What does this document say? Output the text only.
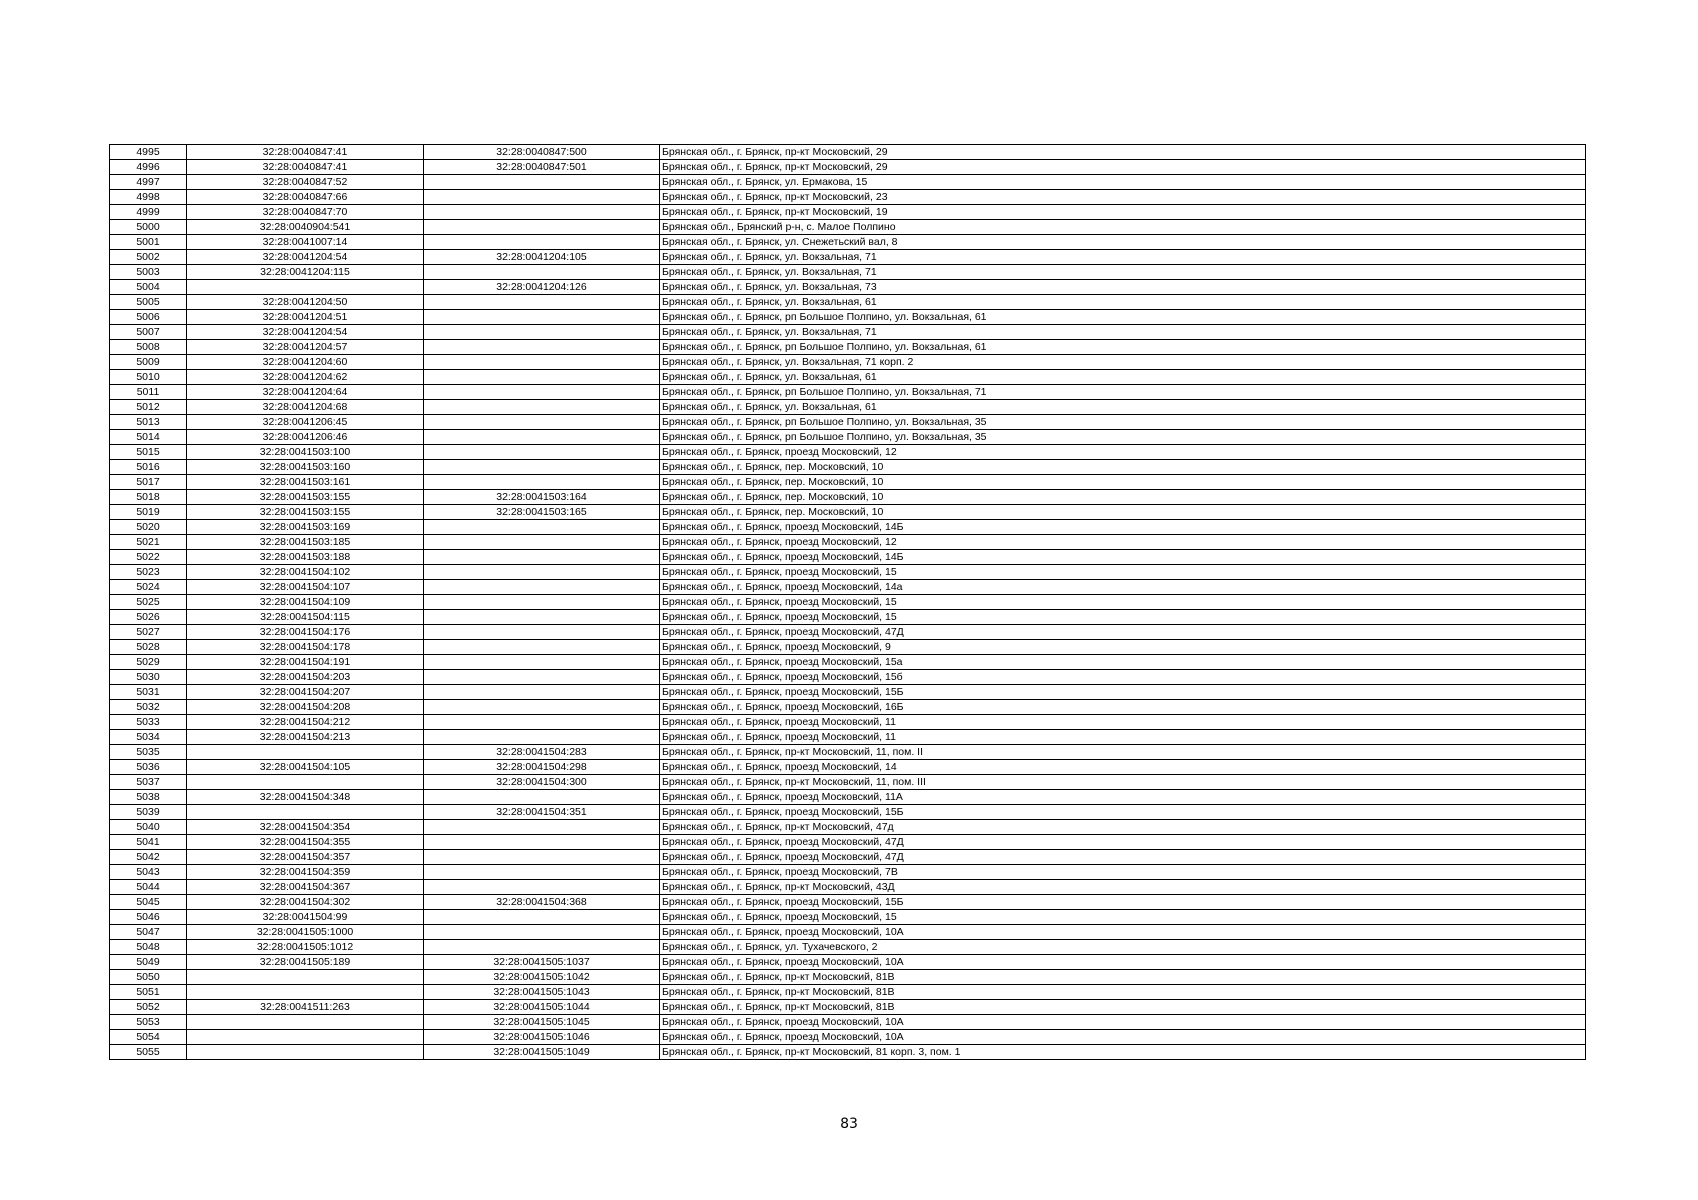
4995	32:28:0040847:41	32:28:0040847:500	Брянская обл., г. Брянск, пр-кт Московский, 29
4996	32:28:0040847:41	32:28:0040847:501	Брянская обл., г. Брянск, пр-кт Московский, 29
4997	32:28:0040847:52		Брянская обл., г. Брянск, ул. Ермакова, 15
4998	32:28:0040847:66		Брянская обл., г. Брянск, пр-кт Московский, 23
4999	32:28:0040847:70		Брянская обл., г. Брянск, пр-кт Московский, 19
5000	32:28:0040904:541		Брянская обл., Брянский р-н, с. Малое Полпино
5001	32:28:0041007:14		Брянская обл., г. Брянск, ул. Снежетьский вал, 8
5002	32:28:0041204:54	32:28:0041204:105	Брянская обл., г. Брянск, ул. Вокзальная, 71
5003	32:28:0041204:115		Брянская обл., г. Брянск, ул. Вокзальная, 71
5004		32:28:0041204:126	Брянская обл., г. Брянск, ул. Вокзальная, 73
5005	32:28:0041204:50		Брянская обл., г. Брянск, ул. Вокзальная, 61
5006	32:28:0041204:51		Брянская обл., г. Брянск, рп Большое Полпино, ул. Вокзальная, 61
5007	32:28:0041204:54		Брянская обл., г. Брянск, ул. Вокзальная, 71
5008	32:28:0041204:57		Брянская обл., г. Брянск, рп Большое Полпино, ул. Вокзальная, 61
5009	32:28:0041204:60		Брянская обл., г. Брянск, ул. Вокзальная, 71 корп. 2
5010	32:28:0041204:62		Брянская обл., г. Брянск, ул. Вокзальная, 61
5011	32:28:0041204:64		Брянская обл., г. Брянск, рп Большое Полпино, ул. Вокзальная, 71
5012	32:28:0041204:68		Брянская обл., г. Брянск, ул. Вокзальная, 61
5013	32:28:0041206:45		Брянская обл., г. Брянск, рп Большое Полпино, ул. Вокзальная, 35
5014	32:28:0041206:46		Брянская обл., г. Брянск, рп Большое Полпино, ул. Вокзальная, 35
5015	32:28:0041503:100		Брянская обл., г. Брянск, проезд Московский, 12
5016	32:28:0041503:160		Брянская обл., г. Брянск, пер. Московский, 10
5017	32:28:0041503:161		Брянская обл., г. Брянск, пер. Московский, 10
5018	32:28:0041503:155	32:28:0041503:164	Брянская обл., г. Брянск, пер. Московский, 10
5019	32:28:0041503:155	32:28:0041503:165	Брянская обл., г. Брянск, пер. Московский, 10
5020	32:28:0041503:169		Брянская обл., г. Брянск, проезд Московский, 14Б
5021	32:28:0041503:185		Брянская обл., г. Брянск, проезд Московский, 12
5022	32:28:0041503:188		Брянская обл., г. Брянск, проезд Московский, 14Б
5023	32:28:0041504:102		Брянская обл., г. Брянск, проезд Московский, 15
5024	32:28:0041504:107		Брянская обл., г. Брянск, проезд Московский, 14а
5025	32:28:0041504:109		Брянская обл., г. Брянск, проезд Московский, 15
5026	32:28:0041504:115		Брянская обл., г. Брянск, проезд Московский, 15
5027	32:28:0041504:176		Брянская обл., г. Брянск, проезд Московский, 47Д
5028	32:28:0041504:178		Брянская обл., г. Брянск, проезд Московский, 9
5029	32:28:0041504:191		Брянская обл., г. Брянск, проезд Московский, 15а
5030	32:28:0041504:203		Брянская обл., г. Брянск, проезд Московский, 15б
5031	32:28:0041504:207		Брянская обл., г. Брянск, проезд Московский, 15Б
5032	32:28:0041504:208		Брянская обл., г. Брянск, проезд Московский, 16Б
5033	32:28:0041504:212		Брянская обл., г. Брянск, проезд Московский, 11
5034	32:28:0041504:213		Брянская обл., г. Брянск, проезд Московский, 11
5035		32:28:0041504:283	Брянская обл., г. Брянск, пр-кт Московский, 11, пом. II
5036	32:28:0041504:105	32:28:0041504:298	Брянская обл., г. Брянск, проезд Московский, 14
5037		32:28:0041504:300	Брянская обл., г. Брянск, пр-кт Московский, 11, пом. III
5038	32:28:0041504:348		Брянская обл., г. Брянск, проезд Московский, 11А
5039		32:28:0041504:351	Брянская обл., г. Брянск, проезд Московский, 15Б
5040	32:28:0041504:354		Брянская обл., г. Брянск, пр-кт Московский, 47д
5041	32:28:0041504:355		Брянская обл., г. Брянск, проезд Московский, 47Д
5042	32:28:0041504:357		Брянская обл., г. Брянск, проезд Московский, 47Д
5043	32:28:0041504:359		Брянская обл., г. Брянск, проезд Московский, 7В
5044	32:28:0041504:367		Брянская обл., г. Брянск, пр-кт Московский, 43Д
5045	32:28:0041504:302	32:28:0041504:368	Брянская обл., г. Брянск, проезд Московский, 15Б
5046	32:28:0041504:99		Брянская обл., г. Брянск, проезд Московский, 15
5047	32:28:0041505:1000		Брянская обл., г. Брянск, проезд Московский, 10А
5048	32:28:0041505:1012		Брянская обл., г. Брянск, ул. Тухачевского, 2
5049	32:28:0041505:189	32:28:0041505:1037	Брянская обл., г. Брянск, проезд Московский, 10А
5050		32:28:0041505:1042	Брянская обл., г. Брянск, пр-кт Московский, 81В
5051		32:28:0041505:1043	Брянская обл., г. Брянск, пр-кт Московский, 81В
5052	32:28:0041511:263	32:28:0041505:1044	Брянская обл., г. Брянск, пр-кт Московский, 81В
5053		32:28:0041505:1045	Брянская обл., г. Брянск, проезд Московский, 10А
5054		32:28:0041505:1046	Брянская обл., г. Брянск, проезд Московский, 10А
5055		32:28:0041505:1049	Брянская обл., г. Брянск, пр-кт Московский, 81 корп. 3, пом. 1
83
